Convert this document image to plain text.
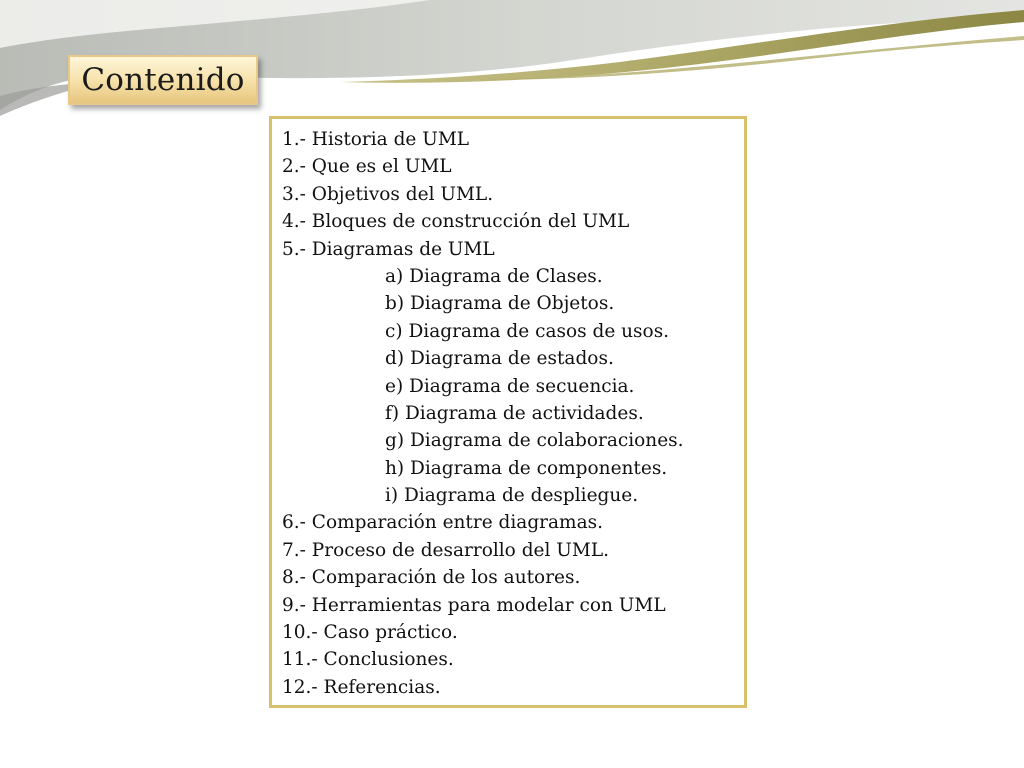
Contenido
1.- Historia de UML
2.- Que es el UML
3.- Objetivos del UML.
4.- Bloques de construcción del UML
5.- Diagramas de UML
a) Diagrama de Clases.
b) Diagrama de Objetos.
c) Diagrama de casos de usos.
d) Diagrama de estados.
e) Diagrama de secuencia.
f) Diagrama de actividades.
g) Diagrama de colaboraciones.
h) Diagrama de componentes.
i) Diagrama de despliegue.
6.- Comparación entre diagramas.
7.- Proceso de desarrollo del UML.
8.- Comparación de los autores.
9.- Herramientas para modelar con UML
10.- Caso práctico.
11.- Conclusiones.
12.- Referencias.
